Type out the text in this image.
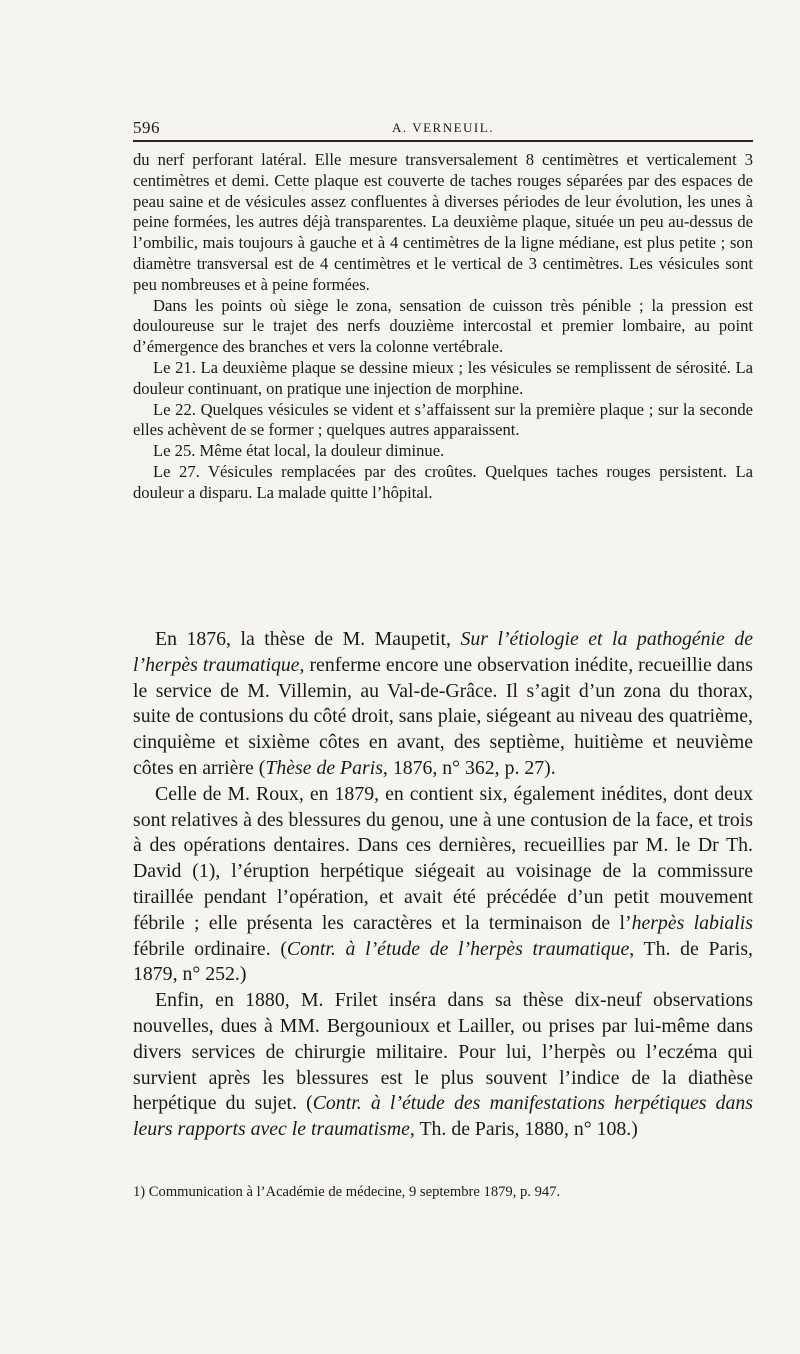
596	A. VERNEUIL.

du nerf perforant latéral. Elle mesure transversalement 8 centimètres et verticalement 3 centimètres et demi. Cette plaque est couverte de taches rouges séparées par des espaces de peau saine et de vésicules assez confluentes à diverses périodes de leur évolution, les unes à peine formées, les autres déjà transparentes. La deuxième plaque, située un peu au-dessus de l’ombilic, mais toujours à gauche et à 4 centimètres de la ligne médiane, est plus petite ; son diamètre transversal est de 4 centimètres et le vertical de 3 centimètres. Les vésicules sont peu nombreuses et à peine formées.

Dans les points où siège le zona, sensation de cuisson très pénible ; la pression est douloureuse sur le trajet des nerfs douzième intercostal et premier lombaire, au point d’émergence des branches et vers la colonne vertébrale.

Le 21. La deuxième plaque se dessine mieux ; les vésicules se remplissent de sérosité. La douleur continuant, on pratique une injection de morphine.

Le 22. Quelques vésicules se vident et s’affaissent sur la première plaque ; sur la seconde elles achèvent de se former ; quelques autres apparaissent.

Le 25. Même état local, la douleur diminue.

Le 27. Vésicules remplacées par des croûtes. Quelques taches rouges persistent. La douleur a disparu. La malade quitte l’hôpital.

En 1876, la thèse de M. Maupetit, Sur l’étiologie et la pathogénie de l’herpès traumatique, renferme encore une observation inédite, recueillie dans le service de M. Villemin, au Val-de-Grâce. Il s’agit d’un zona du thorax, suite de contusions du côté droit, sans plaie, siégeant au niveau des quatrième, cinquième et sixième côtes en avant, des septième, huitième et neuvième côtes en arrière (Thèse de Paris, 1876, n° 362, p. 27).

Celle de M. Roux, en 1879, en contient six, également inédites, dont deux sont relatives à des blessures du genou, une à une contusion de la face, et trois à des opérations dentaires. Dans ces dernières, recueillies par M. le Dr Th. David (1), l’éruption herpétique siégeait au voisinage de la commissure tiraillée pendant l’opération, et avait été précédée d’un petit mouvement fébrile ; elle présenta les caractères et la terminaison de l’herpès labialis fébrile ordinaire. (Contr. à l’étude de l’herpès traumatique, Th. de Paris, 1879, n° 252.)

Enfin, en 1880, M. Frilet inséra dans sa thèse dix-neuf observations nouvelles, dues à MM. Bergounioux et Lailler, ou prises par lui-même dans divers services de chirurgie militaire. Pour lui, l’herpès ou l’eczéma qui survient après les blessures est le plus souvent l’indice de la diathèse herpétique du sujet. (Contr. à l’étude des manifestations herpétiques dans leurs rapports avec le traumatisme, Th. de Paris, 1880, n° 108.)

1) Communication à l’Académie de médecine, 9 septembre 1879, p. 947.
